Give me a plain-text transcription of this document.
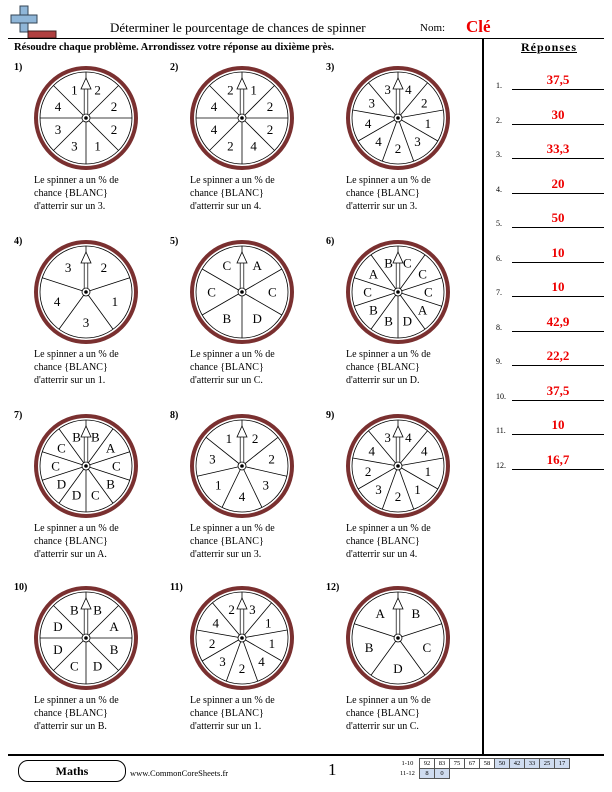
Déterminer le pourcentage de chances de spinner	Nom: Clé
Résoudre chaque problème. Arrondissez votre réponse au dixième près.	Réponses
1)
2
2
2
1
3
3
4
1
Le spinner a un % de
chance {BLANC}
d'atterrir sur un 3.
2)
1
2
2
4
2
4
4
2
Le spinner a un % de
chance {BLANC}
d'atterrir sur un 4.
3)
4
2
1
3
2
4
4
3
3
Le spinner a un % de
chance {BLANC}
d'atterrir sur un 3.
4)
2
1
3
4
3
Le spinner a un % de
chance {BLANC}
d'atterrir sur un 1.
5)
A
C
D
B
C
C
Le spinner a un % de
chance {BLANC}
d'atterrir sur un C.
6)
C
C
C
A
D
B
B
C
A
B
Le spinner a un % de
chance {BLANC}
d'atterrir sur un D.
7)
B
A
C
B
C
D
D
C
C
B
Le spinner a un % de
chance {BLANC}
d'atterrir sur un A.
8)
2
2
3
4
1
3
1
Le spinner a un % de
chance {BLANC}
d'atterrir sur un 3.
9)
4
4
1
1
2
3
2
4
3
Le spinner a un % de
chance {BLANC}
d'atterrir sur un 4.
10)
B
A
B
D
C
D
D
B
Le spinner a un % de
chance {BLANC}
d'atterrir sur un B.
11)
3
1
1
4
2
3
2
4
2
Le spinner a un % de
chance {BLANC}
d'atterrir sur un 1.
12)
B
C
D
B
A
Le spinner a un % de
chance {BLANC}
d'atterrir sur un C.
1.	37,5
2.	30
3.	33,3
4.	20
5.	50
6.	10
7.	10
8.	42,9
9.	22,2
10.	37,5
11.	10
12.	16,7
Maths	www.CommonCoreSheets.fr	1	1-10	92	83	75	67	58	50	42	33	25	17
11-12	8	0								
